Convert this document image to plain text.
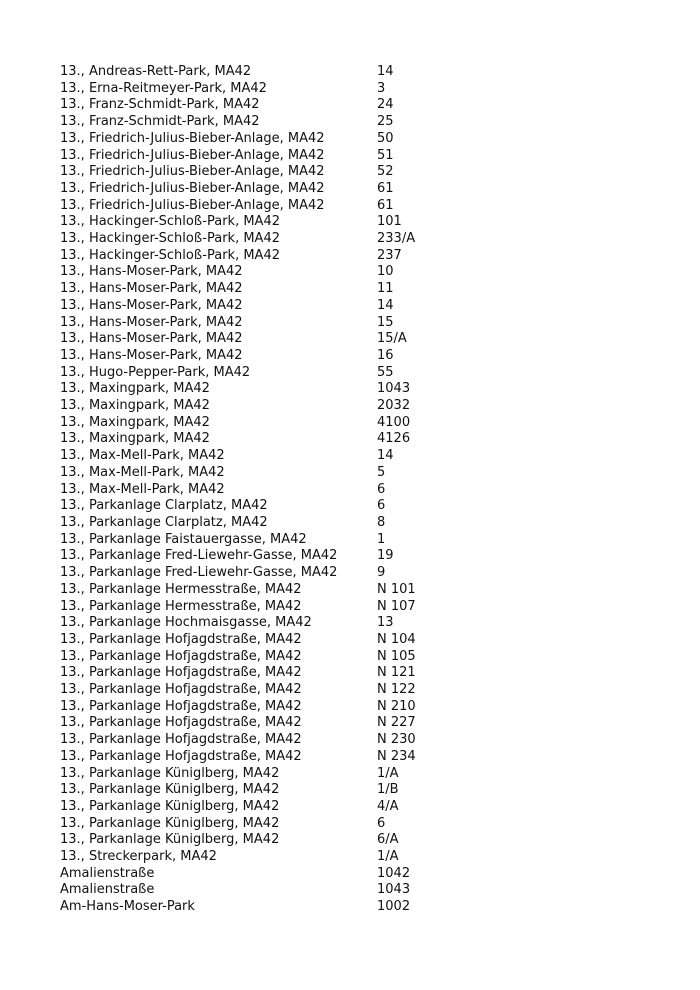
13., Andreas-Rett-Park, MA42	14
13., Erna-Reitmeyer-Park, MA42	3
13., Franz-Schmidt-Park, MA42	24
13., Franz-Schmidt-Park, MA42	25
13., Friedrich-Julius-Bieber-Anlage, MA42	50
13., Friedrich-Julius-Bieber-Anlage, MA42	51
13., Friedrich-Julius-Bieber-Anlage, MA42	52
13., Friedrich-Julius-Bieber-Anlage, MA42	61
13., Friedrich-Julius-Bieber-Anlage, MA42	61
13., Hackinger-Schloß-Park, MA42	101
13., Hackinger-Schloß-Park, MA42	233/A
13., Hackinger-Schloß-Park, MA42	237
13., Hans-Moser-Park, MA42	10
13., Hans-Moser-Park, MA42	11
13., Hans-Moser-Park, MA42	14
13., Hans-Moser-Park, MA42	15
13., Hans-Moser-Park, MA42	15/A
13., Hans-Moser-Park, MA42	16
13., Hugo-Pepper-Park, MA42	55
13., Maxingpark, MA42	1043
13., Maxingpark, MA42	2032
13., Maxingpark, MA42	4100
13., Maxingpark, MA42	4126
13., Max-Mell-Park, MA42	14
13., Max-Mell-Park, MA42	5
13., Max-Mell-Park, MA42	6
13., Parkanlage Clarplatz, MA42	6
13., Parkanlage Clarplatz, MA42	8
13., Parkanlage Faistauergasse, MA42	1
13., Parkanlage Fred-Liewehr-Gasse, MA42	19
13., Parkanlage Fred-Liewehr-Gasse, MA42	9
13., Parkanlage Hermesstraße, MA42	N 101
13., Parkanlage Hermesstraße, MA42	N 107
13., Parkanlage Hochmaisgasse, MA42	13
13., Parkanlage Hofjagdstraße, MA42	N 104
13., Parkanlage Hofjagdstraße, MA42	N 105
13., Parkanlage Hofjagdstraße, MA42	N 121
13., Parkanlage Hofjagdstraße, MA42	N 122
13., Parkanlage Hofjagdstraße, MA42	N 210
13., Parkanlage Hofjagdstraße, MA42	N 227
13., Parkanlage Hofjagdstraße, MA42	N 230
13., Parkanlage Hofjagdstraße, MA42	N 234
13., Parkanlage Küniglberg, MA42	1/A
13., Parkanlage Küniglberg, MA42	1/B
13., Parkanlage Küniglberg, MA42	4/A
13., Parkanlage Küniglberg, MA42	6
13., Parkanlage Küniglberg, MA42	6/A
13., Streckerpark, MA42	1/A
Amalienstraße	1042
Amalienstraße	1043
Am-Hans-Moser-Park	1002
